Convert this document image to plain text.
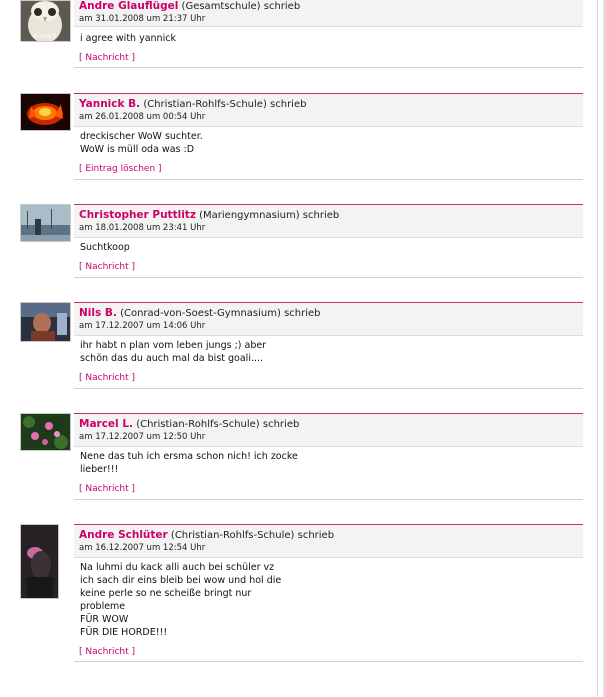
© HLV3
Andre Glauflügel (Gesamtschule) schrieb
am 31.01.2008 um 21:37 Uhr
i agree with yannick
[ Nachricht ]
Yannick B. (Christian-Rohlfs-Schule) schrieb
am 26.01.2008 um 00:54 Uhr
dreckischer WoW suchter.
WoW is müll oda was :D
[ Eintrag löschen ]
Christopher Puttlitz (Mariengymnasium) schrieb
am 18.01.2008 um 23:41 Uhr
Suchtkoop
[ Nachricht ]
Nils B. (Conrad-von-Soest-Gymnasium) schrieb
am 17.12.2007 um 14:06 Uhr
ihr habt n plan vom leben jungs ;) aber
schön das du auch mal da bist goali....
[ Nachricht ]
Marcel L. (Christian-Rohlfs-Schule) schrieb
am 17.12.2007 um 12:50 Uhr
Nene das tuh ich ersma schon nich! ich zocke
lieber!!!
[ Nachricht ]
Andre Schlüter (Christian-Rohlfs-Schule) schrieb
am 16.12.2007 um 12:54 Uhr
Na luhmi du kack alli auch bei schüler vz
ich sach dir eins bleib bei wow und hol die
keine perle so ne scheiße bringt nur
probleme
FÜR WOW
FÜR DIE HORDE!!!
[ Nachricht ]
